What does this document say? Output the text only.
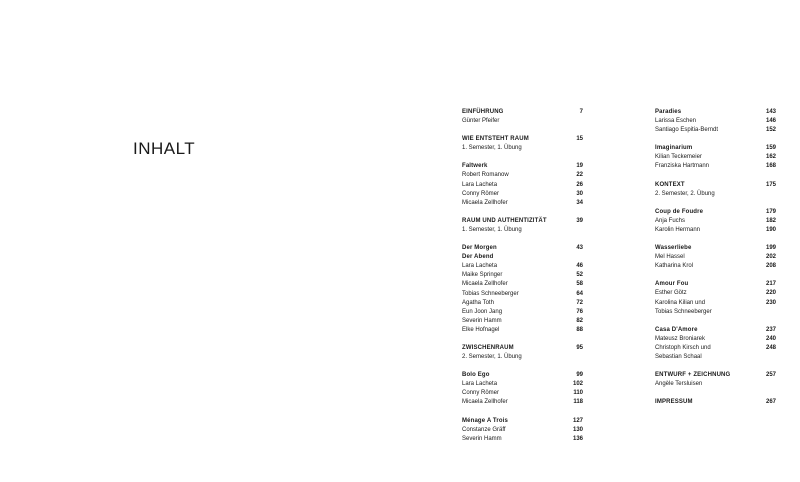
INHALT
EINFÜHRUNG	7
Günter Pfeifer
WIE ENTSTEHT RAUM	15
1. Semester, 1. Übung
Faltwerk	19
Robert Romanow	22
Lara Lacheta	26
Conny Römer	30
Micaela Zellhofer	34
RAUM UND AUTHENTIZITÄT	39
1. Semester, 1. Übung
Der Morgen	43
Der Abend
Lara Lacheta	46
Maike Springer	52
Micaela Zellhofer	58
Tobias Schneeberger	64
Agatha Toth	72
Eun Joon Jang	76
Severin Hamm	82
Elke Hofnagel	88
ZWISCHENRAUM	95
2. Semester, 1. Übung
Bolo Ego	99
Lara Lacheta	102
Conny Römer	110
Micaela Zellhofer	118
Ménage A Trois	127
Constanze Gräff	130
Severin Hamm	136
Paradies	143
Larissa Eschen	146
Santiago Espitia-Berndt	152
Imaginarium	159
Kilian Teckemeier	162
Franziska Hartmann	168
KONTEXT	175
2. Semester, 2. Übung
Coup de Foudre	179
Anja Fuchs	182
Karolin Hermann	190
Wasserliebe	199
Mel Hassel	202
Katharina Krol	208
Amour Fou	217
Esther Götz	220
Karolina Kilian und	230
Tobias Schneeberger
Casa D'Amore	237
Mateusz Broniarek	240
Christoph Kirsch und	248
Sebastian Schaal
ENTWURF + ZEICHNUNG	257
Angèle Tersluisen
IMPRESSUM	267
